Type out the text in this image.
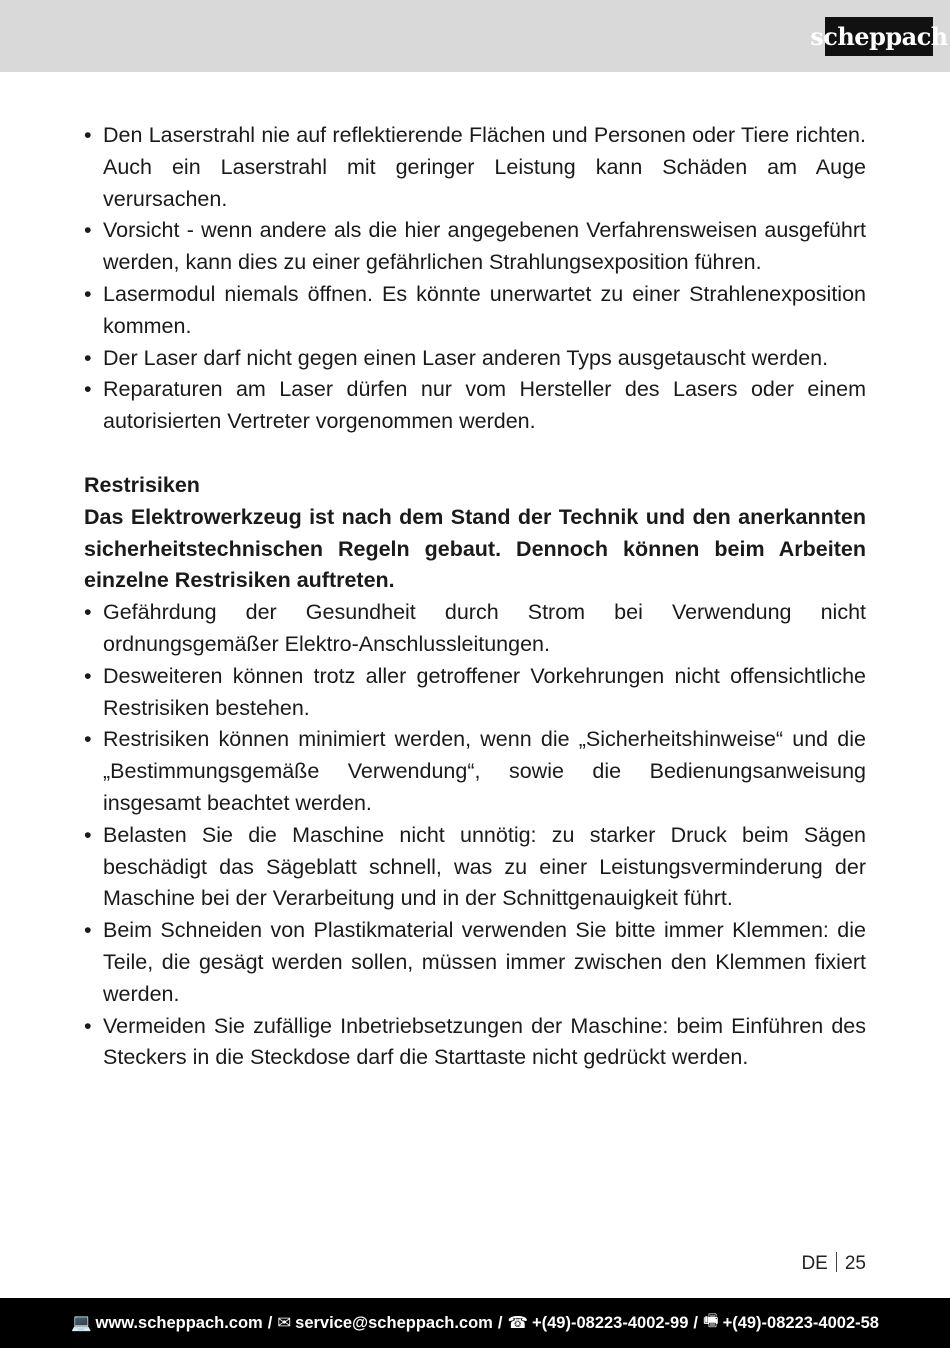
scheppach
• Den Laserstrahl nie auf reflektierende Flächen und Personen oder Tiere richten. Auch ein Laserstrahl mit geringer Leistung kann Schäden am Auge verursachen.
• Vorsicht - wenn andere als die hier angegebenen Verfahrensweisen ausgeführt werden, kann dies zu einer gefährlichen Strahlungsexposition führen.
• Lasermodul niemals öffnen. Es könnte unerwartet zu einer Strahlenexposition kommen.
• Der Laser darf nicht gegen einen Laser anderen Typs ausgetauscht werden.
• Reparaturen am Laser dürfen nur vom Hersteller des Lasers oder einem autorisierten Vertreter vorgenommen werden.
Restrisiken
Das Elektrowerkzeug ist nach dem Stand der Technik und den anerkannten sicherheitstechnischen Regeln gebaut. Dennoch können beim Arbeiten einzelne Restrisiken auftreten.
• Gefährdung der Gesundheit durch Strom bei Verwendung nicht ordnungsgemäßer Elektro-Anschlussleitungen.
• Desweiteren können trotz aller getroffener Vorkehrungen nicht offensichtliche Restrisiken bestehen.
• Restrisiken können minimiert werden, wenn die „Sicherheitshinweise“ und die „Bestimmungsgemäße Verwendung“, sowie die Bedienungsanweisung insgesamt beachtet werden.
• Belasten Sie die Maschine nicht unnötig: zu starker Druck beim Sägen beschädigt das Sägeblatt schnell, was zu einer Leistungsverminderung der Maschine bei der Verarbeitung und in der Schnittgenauigkeit führt.
• Beim Schneiden von Plastikmaterial verwenden Sie bitte immer Klemmen: die Teile, die gesägt werden sollen, müssen immer zwischen den Klemmen fixiert werden.
• Vermeiden Sie zufällige Inbetriebsetzungen der Maschine: beim Einführen des Steckers in die Steckdose darf die Starttaste nicht gedrückt werden.
DE 25
💻 www.scheppach.com / ✉ service@scheppach.com / ☎ +(49)-08223-4002-99 / 🖷 +(49)-08223-4002-58
